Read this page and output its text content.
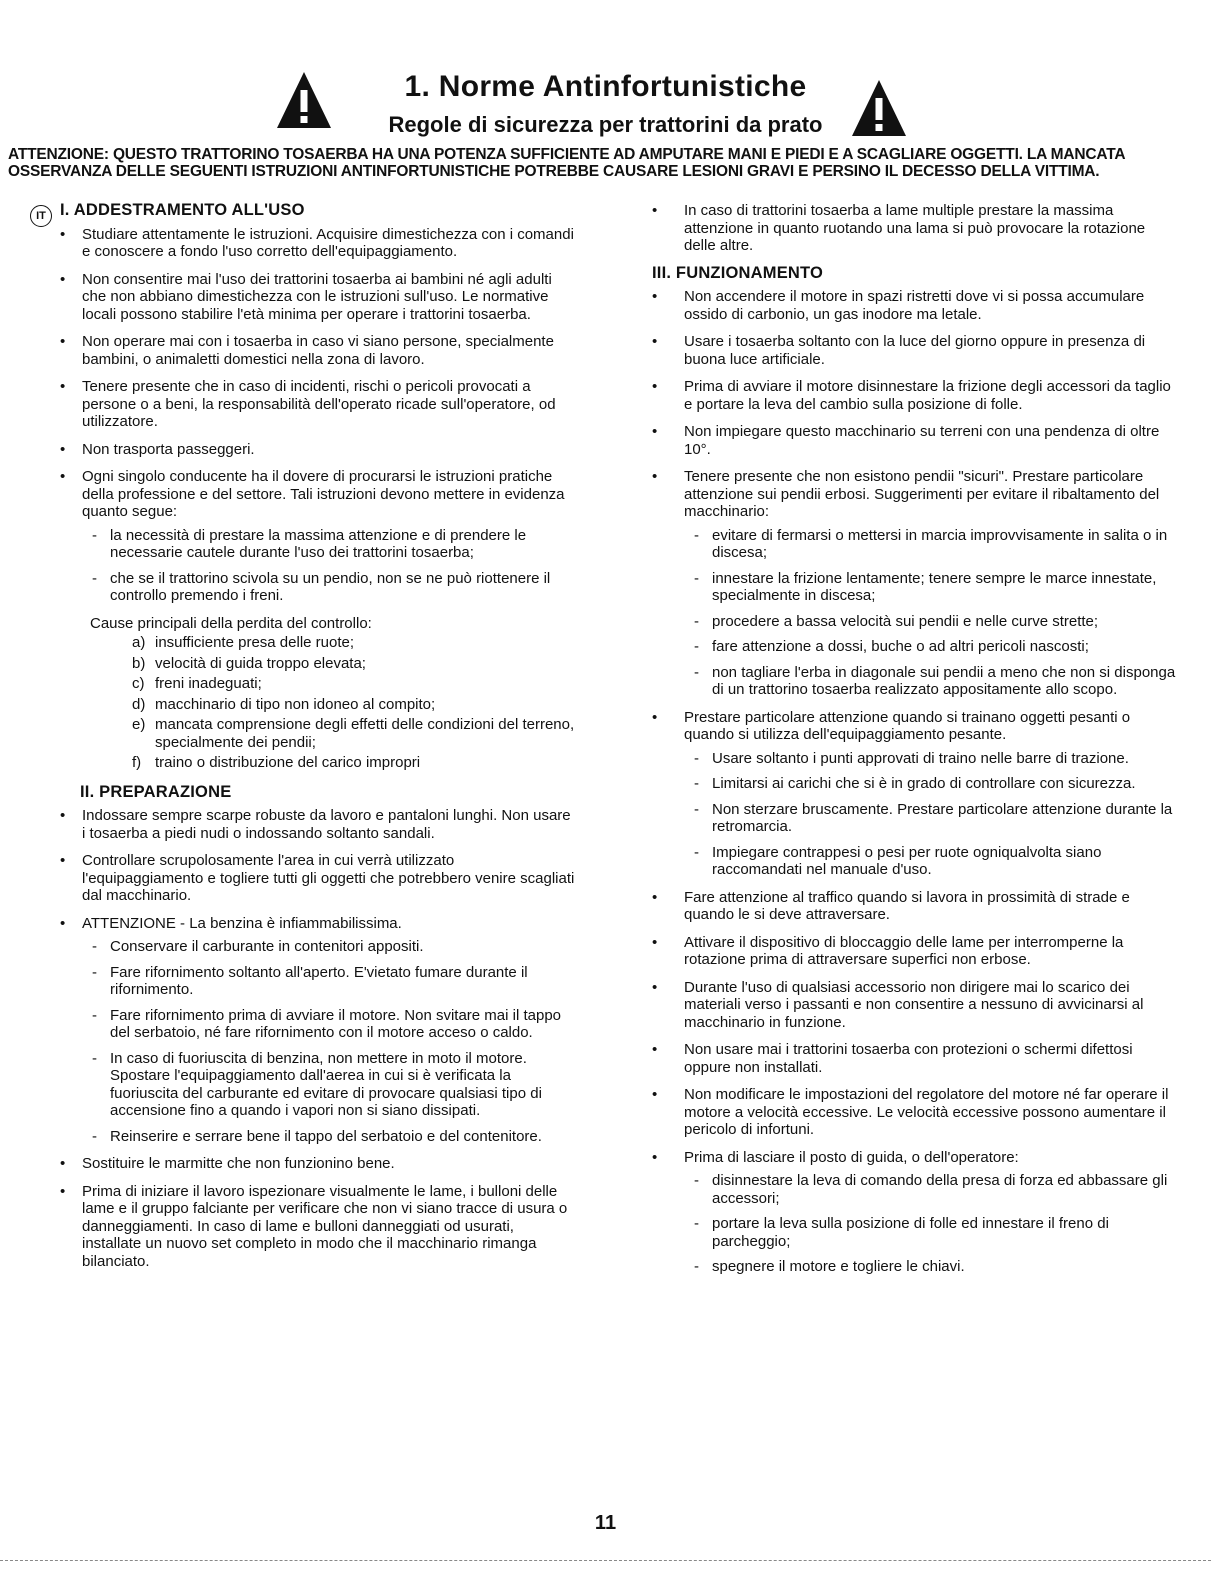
1. Norme Antinfortunistiche
Regole di sicurezza per trattorini da prato
ATTENZIONE: QUESTO TRATTORINO TOSAERBA HA UNA POTENZA SUFFICIENTE AD AMPUTARE MANI E PIEDI E A SCAGLIARE OGGETTI. LA MANCATA OSSERVANZA DELLE SEGUENTI ISTRUZIONI ANTINFORTUNISTICHE POTREBBE CAUSARE LESIONI GRAVI E PERSINO IL DECESSO DELLA VITTIMA.
IT I. ADDESTRAMENTO ALL'USO
• Studiare attentamente le istruzioni. Acquisire dimestichezza con i comandi e conoscere a fondo l'uso corretto dell'equipaggiamento.
• Non consentire mai l'uso dei trattorini tosaerba ai bambini né agli adulti che non abbiano dimestichezza con le istruzioni sull'uso. Le normative locali possono stabilire l'età minima per operare i trattorini tosaerba.
• Non operare mai con i tosaerba in caso vi siano persone, specialmente bambini, o animaletti domestici nella zona di lavoro.
• Tenere presente che in caso di incidenti, rischi o pericoli provocati a persone o a beni, la responsabilità dell'operato ricade sull'operatore, od utilizzatore.
• Non trasporta passeggeri.
• Ogni singolo conducente ha il dovere di procurarsi le istruzioni pratiche della professione e del settore. Tali istruzioni devono mettere in evidenza quanto segue:
- la necessità di prestare la massima attenzione e di prendere le necessarie cautele durante l'uso dei trattorini tosaerba;
- che se il trattorino scivola su un pendio, non se ne può riottenere il controllo premendo i freni.
Cause principali della perdita del controllo:
a) insufficiente presa delle ruote;
b) velocità di guida troppo elevata;
c) freni inadeguati;
d) macchinario di tipo non idoneo al compito;
e) mancata comprensione degli effetti delle condizioni del terreno, specialmente dei pendii;
f) traino o distribuzione del carico impropri
II. PREPARAZIONE
• Indossare sempre scarpe robuste da lavoro e pantaloni lunghi. Non usare i tosaerba a piedi nudi o indossando soltanto sandali.
• Controllare scrupolosamente l'area in cui verrà utilizzato l'equipaggiamento e togliere tutti gli oggetti che potrebbero venire scagliati dal macchinario.
• ATTENZIONE - La benzina è infiammabilissima.
- Conservare il carburante in contenitori appositi.
- Fare rifornimento soltanto all'aperto. E'vietato fumare durante il rifornimento.
- Fare rifornimento prima di avviare il motore. Non svitare mai il tappo del serbatoio, né fare rifornimento con il motore acceso o caldo.
- In caso di fuoriuscita di benzina, non mettere in moto il motore. Spostare l'equipaggiamento dall'aerea in cui si è verificata la fuoriuscita del carburante ed evitare di provocare qualsiasi tipo di accensione fino a quando i vapori non si siano dissipati.
- Reinserire e serrare bene il tappo del serbatoio e del contenitore.
• Sostituire le marmitte che non funzionino bene.
• Prima di iniziare il lavoro ispezionare visualmente le lame, i bulloni delle lame e il gruppo falciante per verificare che non vi siano tracce di usura o danneggiamenti. In caso di lame e bulloni danneggiati od usurati, installate un nuovo set completo in modo che il macchinario rimanga bilanciato.
• In caso di trattorini tosaerba a lame multiple prestare la massima attenzione in quanto ruotando una lama si può provocare la rotazione delle altre.
III. FUNZIONAMENTO
• Non accendere il motore in spazi ristretti dove vi si possa accumulare ossido di carbonio, un gas inodore ma letale.
• Usare i tosaerba soltanto con la luce del giorno oppure in presenza di buona luce artificiale.
• Prima di avviare il motore disinnestare la frizione degli accessori da taglio e portare la leva del cambio sulla posizione di folle.
• Non impiegare questo macchinario su terreni con una pendenza di oltre 10°.
• Tenere presente che non esistono pendii "sicuri". Prestare particolare attenzione sui pendii erbosi. Suggerimenti per evitare il ribaltamento del macchinario:
- evitare di fermarsi o mettersi in marcia improvvisamente in salita o in discesa;
- innestare la frizione lentamente; tenere sempre le marce innestate, specialmente in discesa;
- procedere a bassa velocità sui pendii e nelle curve strette;
- fare attenzione a dossi, buche o ad altri pericoli nascosti;
- non tagliare l'erba in diagonale sui pendii a meno che non si disponga di un trattorino tosaerba realizzato appositamente allo scopo.
• Prestare particolare attenzione quando si trainano oggetti pesanti o quando si utilizza dell'equipaggiamento pesante.
- Usare soltanto i punti approvati di traino nelle barre di trazione.
- Limitarsi ai carichi che si è in grado di controllare con sicurezza.
- Non sterzare bruscamente. Prestare particolare attenzione durante la retromarcia.
- Impiegare contrappesi o pesi per ruote ogniqualvolta siano raccomandati nel manuale d'uso.
• Fare attenzione al traffico quando si lavora in prossimità di strade e quando le si deve attraversare.
• Attivare il dispositivo di bloccaggio delle lame per interromperne la rotazione prima di attraversare superfici non erbose.
• Durante l'uso di qualsiasi accessorio non dirigere mai lo scarico dei materiali verso i passanti e non consentire a nessuno di avvicinarsi al macchinario in funzione.
• Non usare mai i trattorini tosaerba con protezioni o schermi difettosi oppure non installati.
• Non modificare le impostazioni del regolatore del motore né far operare il motore a velocità eccessive. Le velocità eccessive possono aumentare il pericolo di infortuni.
• Prima di lasciare il posto di guida, o dell'operatore:
- disinnestare la leva di comando della presa di forza ed abbassare gli accessori;
- portare la leva sulla posizione di folle ed innestare il freno di parcheggio;
- spegnere il motore e togliere le chiavi.
11
